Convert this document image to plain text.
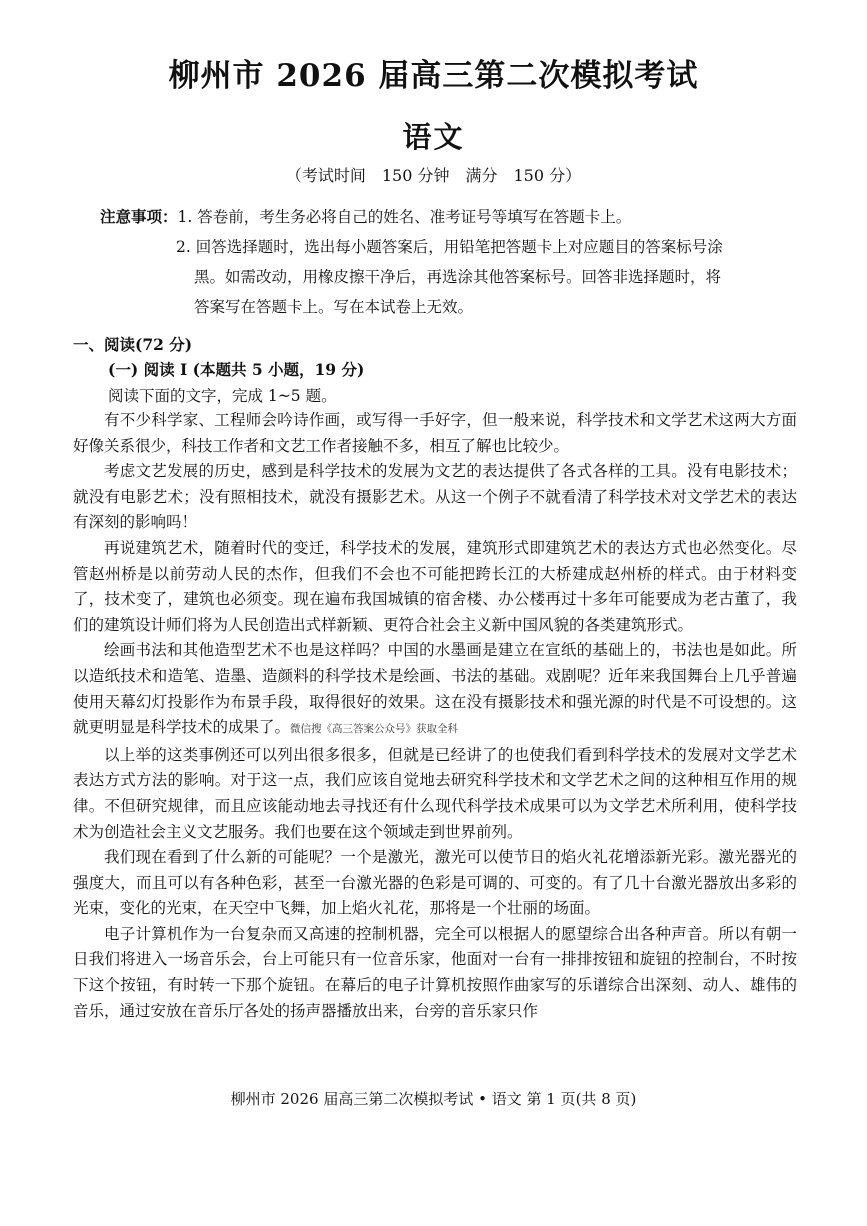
柳州市 2026 届高三第二次模拟考试
语文
（考试时间　150 分钟　满分　150 分）
注意事项： 1. 答卷前，考生务必将自己的姓名、准考证号等填写在答题卡上。
2. 回答选择题时，选出每小题答案后，用铅笔把答题卡上对应题目的答案标号涂
黑。如需改动，用橡皮擦干净后，再选涂其他答案标号。回答非选择题时，将
答案写在答题卡上。写在本试卷上无效。
一、阅读(72 分)
(一) 阅读 I (本题共 5 小题，19 分)
阅读下面的文字，完成 1~5 题。

有不少科学家、工程师会吟诗作画，或写得一手好字，但一般来说，科学技术和文学艺术这两大方面好像关系很少，科技工作者和文艺工作者接触不多，相互了解也比较少。

考虑文艺发展的历史，感到是科学技术的发展为文艺的表达提供了各式各样的工具。没有电影技术；就没有电影艺术；没有照相技术，就没有摄影艺术。从这一个例子不就看清了科学技术对文学艺术的表达有深刻的影响吗！

再说建筑艺术，随着时代的变迁，科学技术的发展，建筑形式即建筑艺术的表达方式也必然变化。尽管赵州桥是以前劳动人民的杰作，但我们不会也不可能把跨长江的大桥建成赵州桥的样式。由于材料变了，技术变了，建筑也必须变。现在遍布我国城镇的宿舍楼、办公楼再过十多年可能要成为老古董了，我们的建筑设计师们将为人民创造出式样新颖、更符合社会主义新中国风貌的各类建筑形式。

绘画书法和其他造型艺术不也是这样吗？中国的水墨画是建立在宣纸的基础上的，书法也是如此。所以造纸技术和造笔、造墨、造颜料的科学技术是绘画、书法的基础。戏剧呢？近年来我国舞台上几乎普遍使用天幕幻灯投影作为布景手段，取得很好的效果。这在没有摄影技术和强光源的时代是不可设想的。这就更明显是科学技术的成果了。微信搜《高三答案公众号》获取全科

以上举的这类事例还可以列出很多很多，但就是已经讲了的也使我们看到科学技术的发展对文学艺术表达方式方法的影响。对于这一点，我们应该自觉地去研究科学技术和文学艺术之间的这种相互作用的规律。不但研究规律，而且应该能动地去寻找还有什么现代科学技术成果可以为文学艺术所利用，使科学技术为创造社会主义文艺服务。我们也要在这个领域走到世界前列。

我们现在看到了什么新的可能呢？一个是激光，激光可以使节日的焰火礼花增添新光彩。激光器光的强度大，而且可以有各种色彩，甚至一台激光器的色彩是可调的、可变的。有了几十台激光器放出多彩的光束，变化的光束，在天空中飞舞，加上焰火礼花，那将是一个壮丽的场面。

电子计算机作为一台复杂而又高速的控制机器，完全可以根据人的愿望综合出各种声音。所以有朝一日我们将进入一场音乐会，台上可能只有一位音乐家，他面对一台有一排排按钮和旋钮的控制台，不时按下这个按钮，有时转一下那个旋钮。在幕后的电子计算机按照作曲家写的乐谱综合出深刻、动人、雄伟的音乐，通过安放在音乐厅各处的扬声器播放出来，台旁的音乐家只作

柳州市 2026 届高三第二次模拟考试 • 语文 第 1 页(共 8 页)
